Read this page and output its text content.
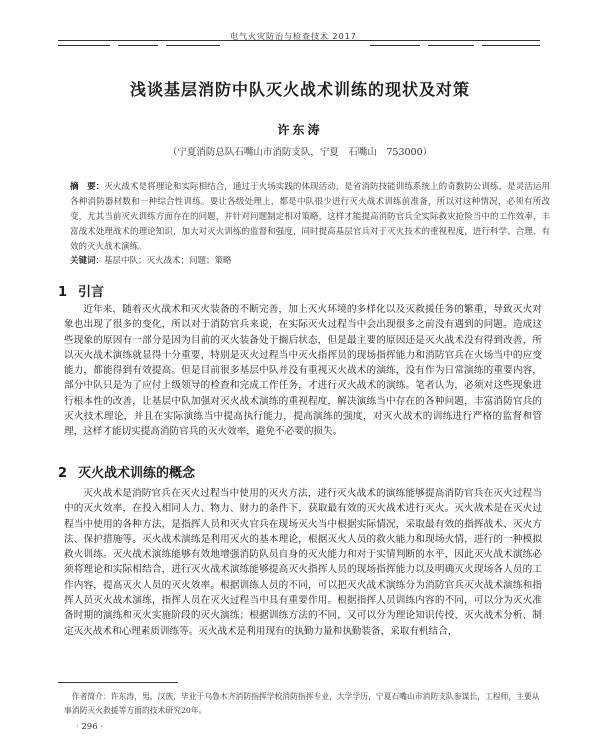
电气火灾防治与检查技术 2017
浅谈基层消防中队灭火战术训练的现状及对策
许东涛
（宁夏消防总队石嘴山市消防支队，宁夏　石嘴山　753000）
摘　要：灭火战术是将理论和实际相结合，通过于火场实践的体现活动，是省消防技能训练系统上的奇数防公训练，是灵活运用各种消防器材数和一种综合性训练。要让各级处理上，都是中队很少进行灭火战术训练前准备，所以对这种情况，必须有所改变，尤其当前灭火训练方面存在的问题，并针对问题制定相对策略，这样才能提高消防官兵全实际救灾抢险当中的工作效率，丰富战术处理战术的理论知识，加大对灭火训练的监督和强度，同时提高基层官兵对于灭火技术的重视程度，进行科学、合理、有效的灭火战术演练。
关键词：基层中队；灭火战术；问题；策略
1 引言
近年来，随着灭火战术和灭火装备的不断完善，加上灭火环境的多样化以及灭救援任务的繁重，导致灭火对象也出现了很多的变化，所以对于消防官兵来说，在实际灭火过程当中会出现很多之前没有遇到的问题。造成这些现象的原因有一部分是因为目前的灭火装备处于搁后状态，但是最主要的原因还是灭火战术没有得到改善，所以灭火战术演练就显得十分重要，特别是灭火过程当中灭火指挥员的现场指挥能力和消防官兵在火场当中的应变能力，都能得到有效提高。但是目前很多基层中队并没有重视灭火战术的演练，没有作为日常演练的重要内容，部分中队只是为了应付上级领导的检查和完成工作任务，才进行灭火战术的演练。笔者认为，必须对这些现象进行根本性的改善，让基层中队加强对灭火战术演练的重视程度，解决演练当中存在的各种问题，丰富消防官兵的灭火技术理论，并且在实际演练当中提高执行能力，提高演练的强度，对灭火战术的训练进行严格的监督和管理，这样才能切实提高消防官兵的灭火效率，避免不必要的损失。
2 灭火战术训练的概念
灭火战术是消防官兵在灭火过程当中使用的灭火方法，进行灭火战术的演练能够提高消防官兵在灭火过程当中的灭火效率，在投入相同人力、物力、财力的条件下，获取最有效的灭火战术进行灭火。灭火战术是在灭火过程当中使用的各种方法，是指挥人员和灭火官兵在现场灭火当中根据实际情况，采取最有效的指挥战术、灭火方法、保护措施等。灭火战术演练是利用灭火的基本理论，根据灭火人员的救火能力和现场火情，进行的一种模拟救火训练。灭火战术演练能够有效地增强消防队员自身的灭火能力和对于实情判断的水平，因此灭火战术演练必须将理论和实际相结合，进行灭火战术演练能够提高灭火指挥人员的现场指挥能力以及明确灭火现场各人员的工作内容，提高灭火人员的灭火效率。根据训练人员的不同，可以把灭火战术演练分为消防官兵灭火战术演练和指挥人员灭火战术演练，指挥人员在灭火过程当中具有重要作用。根据指挥人员训练内容的不同，可以分为灭火准备时期的演练和灭火实施阶段的灭火演练；根据训练方法的不同，又可以分为理论知识传授、灭火战术分析、制定灭火战术和心理素质训练等。灭火战术是利用现有的执勤力量和执勤装备，采取有机结合，
作者简介：许东涛，男，汉族，毕业于乌鲁木齐消防指挥学校消防指挥专业，大学学历，宁夏石嘴山市消防支队参谋长，工程师，主要从事消防灭火救援等方面的技术研究20年。
· 296 ·
